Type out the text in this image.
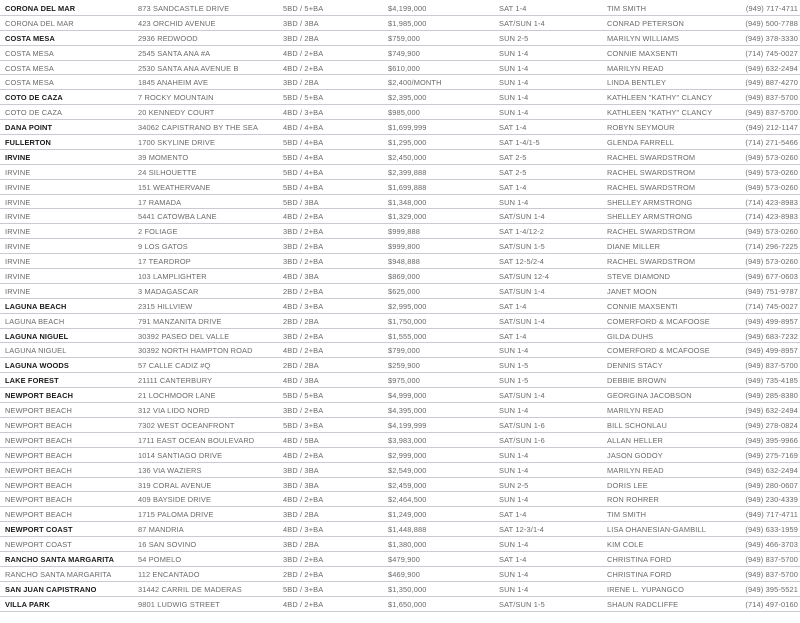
CORONA DEL MAR	873 SANDCASTLE DRIVE	5BD / 5+BA	$4,199,000	SAT 1-4	TIM SMITH	(949) 717-4711
CORONA DEL MAR	423 ORCHID AVENUE	3BD / 3BA	$1,985,000	SAT/SUN 1-4	CONRAD PETERSON	(949) 500-7788
COSTA MESA	2936 REDWOOD	3BD / 2BA	$759,000	SUN 2-5	MARILYN WILLIAMS	(949) 378-3330
COSTA MESA	2545 SANTA ANA #A	4BD / 2+BA	$749,900	SUN 1-4	CONNIE MAXSENTI	(714) 745-0027
COSTA MESA	2530 SANTA ANA AVENUE B	4BD / 2+BA	$610,000	SUN 1-4	MARILYN READ	(949) 632-2494
COSTA MESA	1845 ANAHEIM AVE	3BD / 2BA	$2,400/MONTH	SUN 1-4	LINDA BENTLEY	(949) 887-4270
COTO DE CAZA	7 ROCKY MOUNTAIN	5BD / 5+BA	$2,395,000	SUN 1-4	KATHLEEN "KATHY" CLANCY	(949) 837-5700
COTO DE CAZA	20 KENNEDY COURT	4BD / 3+BA	$985,000	SUN 1-4	KATHLEEN "KATHY" CLANCY	(949) 837-5700
DANA POINT	34062 CAPISTRANO BY THE SEA	4BD / 4+BA	$1,699,999	SAT 1-4	ROBYN SEYMOUR	(949) 212-1147
FULLERTON	1700 SKYLINE DRIVE	5BD / 4+BA	$1,295,000	SAT 1-4/1-5	GLENDA FARRELL	(714) 271-5466
IRVINE	39 MOMENTO	5BD / 4+BA	$2,450,000	SAT 2-5	RACHEL SWARDSTROM	(949) 573-0260
IRVINE	24 SILHOUETTE	5BD / 4+BA	$2,399,888	SAT 2-5	RACHEL SWARDSTROM	(949) 573-0260
IRVINE	151 WEATHERVANE	5BD / 4+BA	$1,699,888	SAT 1-4	RACHEL SWARDSTROM	(949) 573-0260
IRVINE	17 RAMADA	5BD / 3BA	$1,348,000	SUN 1-4	SHELLEY ARMSTRONG	(714) 423-8983
IRVINE	5441 CATOWBA LANE	4BD / 2+BA	$1,329,000	SAT/SUN 1-4	SHELLEY ARMSTRONG	(714) 423-8983
IRVINE	2 FOLIAGE	3BD / 2+BA	$999,888	SAT 1-4/12-2	RACHEL SWARDSTROM	(949) 573-0260
IRVINE	9 LOS GATOS	3BD / 2+BA	$999,800	SAT/SUN 1-5	DIANE MILLER	(714) 296-7225
IRVINE	17 TEARDROP	3BD / 2+BA	$948,888	SAT 12-5/2-4	RACHEL SWARDSTROM	(949) 573-0260
IRVINE	103 LAMPLIGHTER	4BD / 3BA	$869,000	SAT/SUN 12-4	STEVE DIAMOND	(949) 677-0603
IRVINE	3 MADAGASCAR	2BD / 2+BA	$625,000	SAT/SUN 1-4	JANET MOON	(949) 751-9787
LAGUNA BEACH	2315 HILLVIEW	4BD / 3+BA	$2,995,000	SAT 1-4	CONNIE MAXSENTI	(714) 745-0027
LAGUNA BEACH	791 MANZANITA DRIVE	2BD / 2BA	$1,750,000	SAT/SUN 1-4	COMERFORD & MCAFOOSE	(949) 499-8957
LAGUNA NIGUEL	30392 PASEO DEL VALLE	3BD / 2+BA	$1,555,000	SAT 1-4	GILDA DUHS	(949) 683-7232
LAGUNA NIGUEL	30392 NORTH HAMPTON ROAD	4BD / 2+BA	$799,000	SUN 1-4	COMERFORD & MCAFOOSE	(949) 499-8957
LAGUNA WOODS	57 CALLE CADIZ #Q	2BD / 2BA	$259,900	SUN 1-5	DENNIS STACY	(949) 837-5700
LAKE FOREST	21111 CANTERBURY	4BD / 3BA	$975,000	SUN 1-5	DEBBIE BROWN	(949) 735-4185
NEWPORT BEACH	21 LOCHMOOR LANE	5BD / 5+BA	$4,999,000	SAT/SUN 1-4	GEORGINA JACOBSON	(949) 285-8380
NEWPORT BEACH	312 VIA LIDO NORD	3BD / 2+BA	$4,395,000	SUN 1-4	MARILYN READ	(949) 632-2494
NEWPORT BEACH	7302 WEST OCEANFRONT	5BD / 3+BA	$4,199,999	SAT/SUN 1-6	BILL SCHONLAU	(949) 278-0824
NEWPORT BEACH	1711 EAST OCEAN BOULEVARD	4BD / 5BA	$3,983,000	SAT/SUN 1-6	ALLAN HELLER	(949) 395-9966
NEWPORT BEACH	1014 SANTIAGO DRIVE	4BD / 2+BA	$2,999,000	SUN 1-4	JASON GODOY	(949) 275-7169
NEWPORT BEACH	136 VIA WAZIERS	3BD / 3BA	$2,549,000	SUN 1-4	MARILYN READ	(949) 632-2494
NEWPORT BEACH	319 CORAL AVENUE	3BD / 3BA	$2,459,000	SUN 2-5	DORIS LEE	(949) 280-0607
NEWPORT BEACH	409 BAYSIDE DRIVE	4BD / 2+BA	$2,464,500	SUN 1-4	RON ROHRER	(949) 230-4339
NEWPORT BEACH	1715 PALOMA DRIVE	3BD / 2BA	$1,249,000	SAT 1-4	TIM SMITH	(949) 717-4711
NEWPORT COAST	87 MANDRIA	4BD / 3+BA	$1,448,888	SAT 12-3/1-4	LISA OHANESIAN-GAMBILL	(949) 633-1959
NEWPORT COAST	16 SAN SOVINO	3BD / 2BA	$1,380,000	SUN 1-4	KIM COLE	(949) 466-3703
RANCHO SANTA MARGARITA	54 POMELO	3BD / 2+BA	$479,900	SAT 1-4	CHRISTINA FORD	(949) 837-5700
RANCHO SANTA MARGARITA	112 ENCANTADO	2BD / 2+BA	$469,900	SUN 1-4	CHRISTINA FORD	(949) 837-5700
SAN JUAN CAPISTRANO	31442 CARRIL DE MADERAS	5BD / 3+BA	$1,350,000	SUN 1-4	IRENE L. YUPANGCO	(949) 395-5521
VILLA PARK	9801 LUDWIG STREET	4BD / 2+BA	$1,650,000	SAT/SUN 1-5	SHAUN RADCLIFFE	(714) 497-0160
